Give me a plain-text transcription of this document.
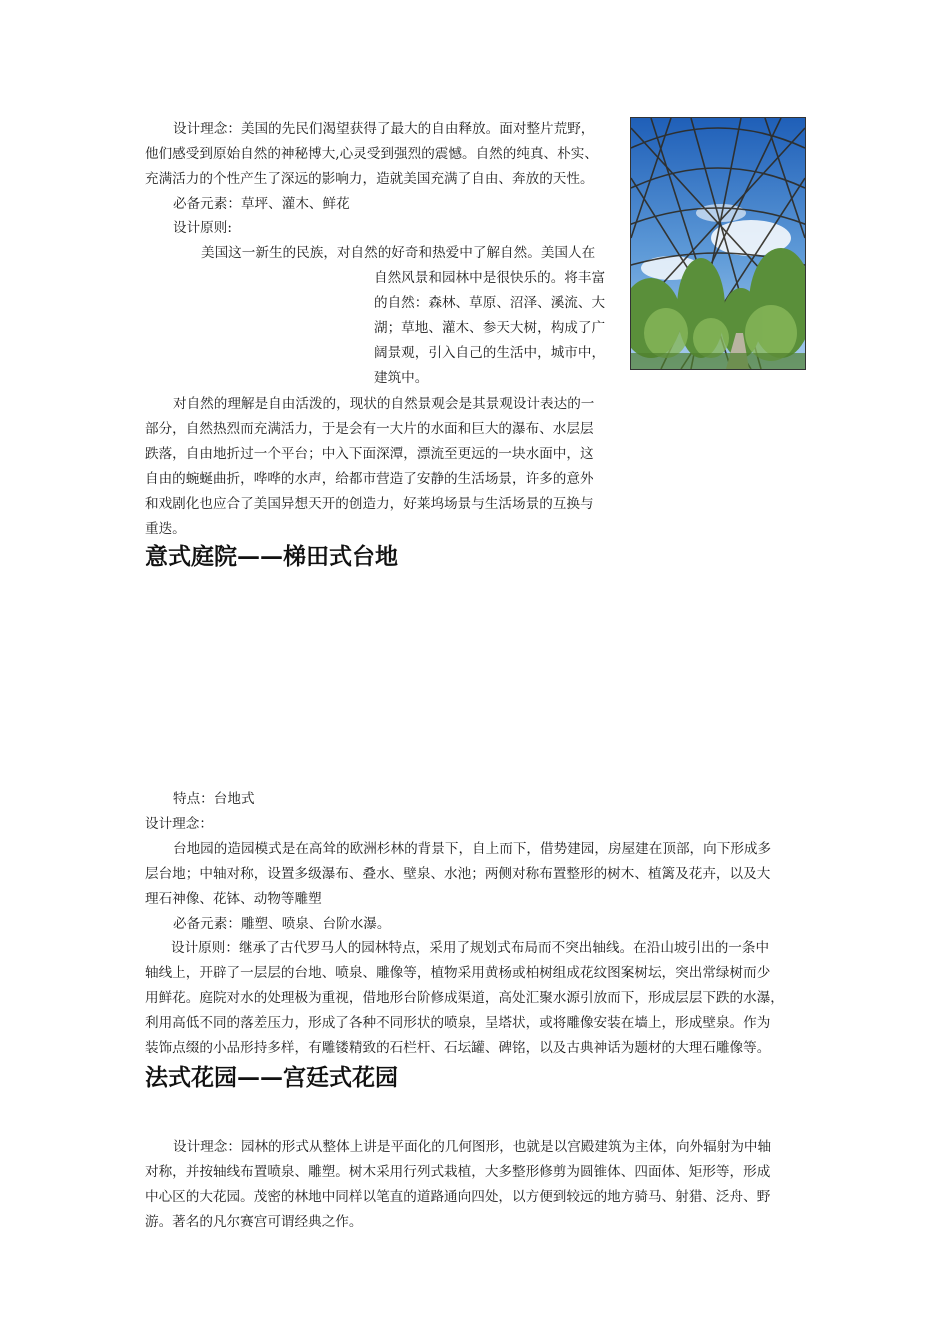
设计理念：美国的先民们渴望获得了最大的自由释放。面对整片荒野，

他们感受到原始自然的神秘博大,心灵受到强烈的震憾。自然的纯真、朴实、

充满活力的个性产生了深远的影响力，造就美国充满了自由、奔放的天性。

必备元素：草坪、灌木、鲜花

设计原则:

美国这一新生的民族，对自然的好奇和热爱中了解自然。美国人在

自然风景和园林中是很快乐的。将丰富

的自然：森林、草原、沼泽、溪流、大

湖；草地、灌木、参天大树，构成了广

阔景观，引入自己的生活中，城市中，

建筑中。

对自然的理解是自由活泼的，现状的自然景观会是其景观设计表达的一

部分，自然热烈而充满活力，于是会有一大片的水面和巨大的瀑布、水层层

跌落，自由地折过一个平台；中入下面深潭，漂流至更远的一块水面中，这

自由的蜿蜒曲折，哗哗的水声，给都市营造了安静的生活场景，许多的意外

和戏剧化也应合了美国异想天开的创造力，好莱坞场景与生活场景的互换与

重迭。

意式庭院——梯田式台地

特点：台地式

设计理念：

台地园的造园模式是在高耸的欧洲杉林的背景下，自上而下，借势建园，房屋建在顶部，向下形成多

层台地；中轴对称，设置多级瀑布、叠水、壁泉、水池；两侧对称布置整形的树木、植篱及花卉，以及大

理石神像、花钵、动物等雕塑

必备元素：雕塑、喷泉、台阶水瀑。

设计原则：继承了古代罗马人的园林特点，采用了规划式布局而不突出轴线。在沿山坡引出的一条中

轴线上，开辟了一层层的台地、喷泉、雕像等，植物采用黄杨或柏树组成花纹图案树坛，突出常绿树而少

用鲜花。庭院对水的处理极为重视，借地形台阶修成渠道，高处汇聚水源引放而下，形成层层下跌的水瀑，

利用高低不同的落差压力，形成了各种不同形状的喷泉，呈塔状，或将雕像安装在墙上，形成壁泉。作为

装饰点缀的小品形持多样，有雕镂精致的石栏杆、石坛罐、碑铭，以及古典神话为题材的大理石雕像等。

法式花园——宫廷式花园

设计理念：园林的形式从整体上讲是平面化的几何图形，也就是以宫殿建筑为主体，向外辐射为中轴

对称，并按轴线布置喷泉、雕塑。树木采用行列式栽植，大多整形修剪为圆锥体、四面体、矩形等，形成

中心区的大花园。茂密的林地中同样以笔直的道路通向四处，以方便到较远的地方骑马、射猎、泛舟、野

游。著名的凡尔赛宫可谓经典之作。
